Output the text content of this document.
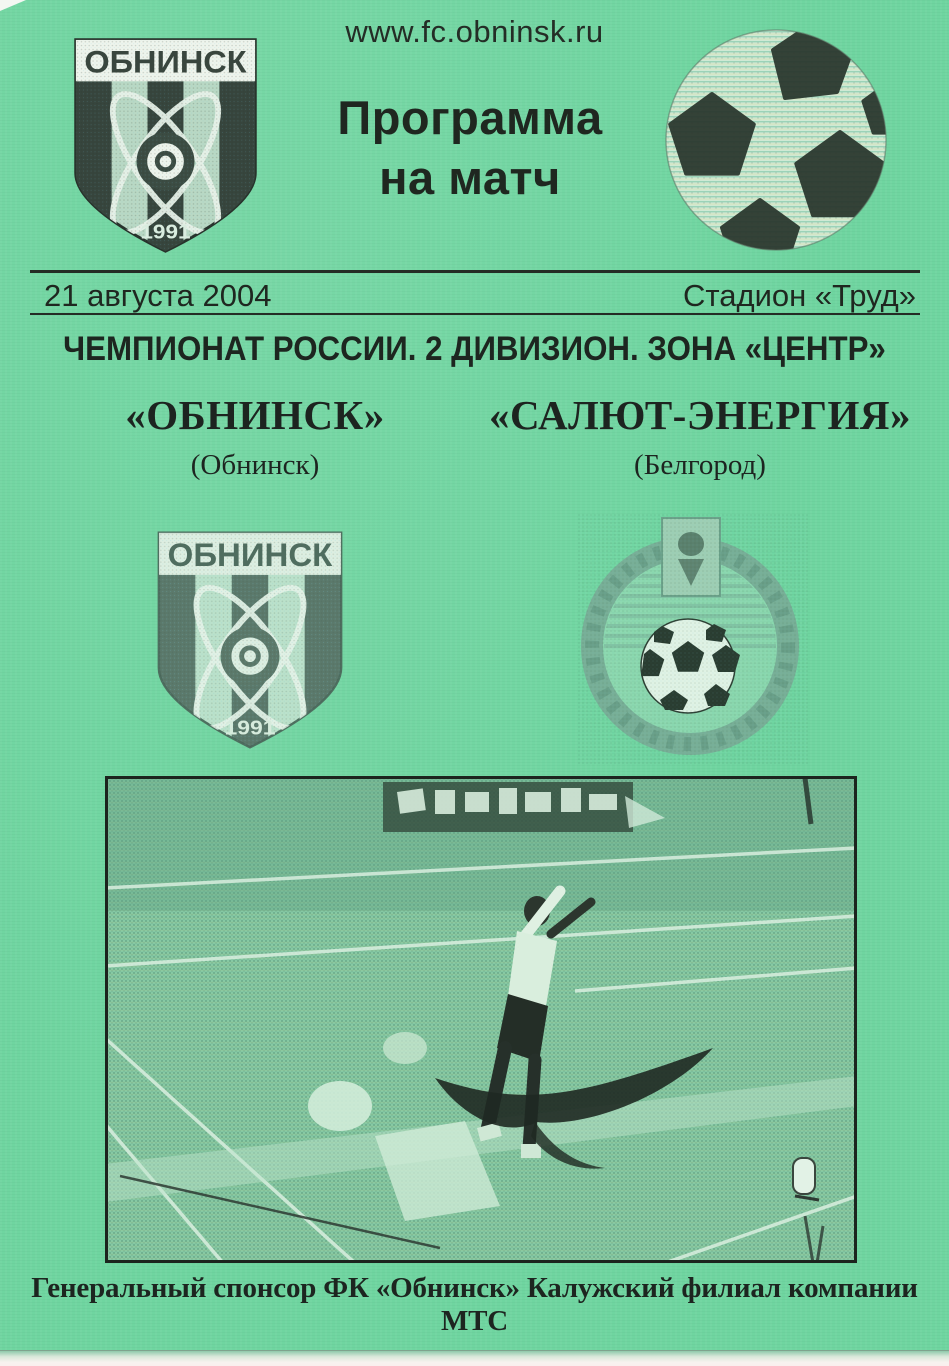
www.fc.obninsk.ru
ОБНИНСК
1991
Программа
на матч
21 августа 2004	Стадион «Труд»
ЧЕМПИОНАТ РОССИИ. 2 ДИВИЗИОН. ЗОНА «ЦЕНТР»
«ОБНИНСК»
(Обнинск)
«САЛЮТ-ЭНЕРГИЯ»
(Белгород)
ОБНИНСК
1991
Генеральный спонсор ФК «Обнинск» Калужский филиал компании МТС
